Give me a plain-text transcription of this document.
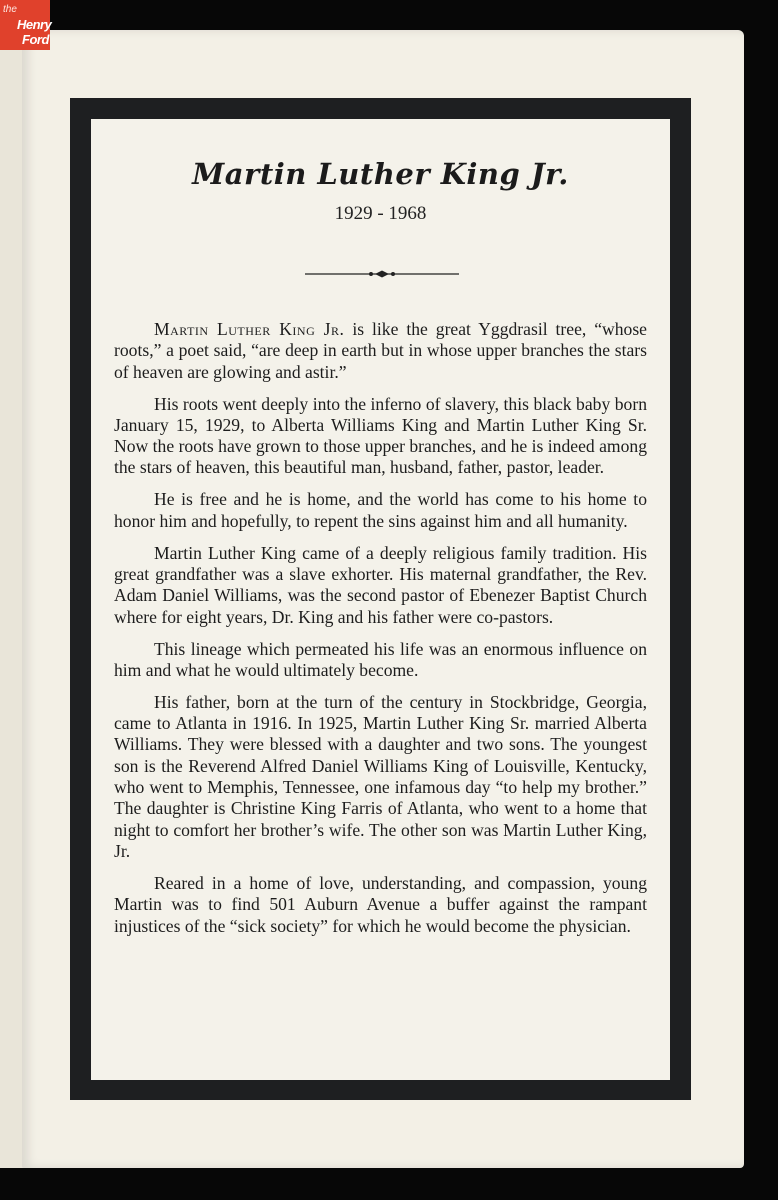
the
Henry
Ford
Martin Luther King Jr.
1929 - 1968

Martin Luther King Jr. is like the great Yggdrasil tree, “whose roots,” a poet said, “are deep in earth but in whose upper branches the stars of heaven are glowing and astir.”

His roots went deeply into the inferno of slavery, this black baby born January 15, 1929, to Alberta Williams King and Martin Luther King Sr. Now the roots have grown to those upper branches, and he is indeed among the stars of heaven, this beautiful man, husband, father, pastor, leader.

He is free and he is home, and the world has come to his home to honor him and hopefully, to repent the sins against him and all humanity.

Martin Luther King came of a deeply religious family tradition. His great grandfather was a slave exhorter. His maternal grandfather, the Rev. Adam Daniel Williams, was the second pastor of Ebenezer Baptist Church where for eight years, Dr. King and his father were co-pastors.

This lineage which permeated his life was an enormous influence on him and what he would ultimately become.

His father, born at the turn of the century in Stockbridge, Georgia, came to Atlanta in 1916. In 1925, Martin Luther King Sr. married Alberta Williams. They were blessed with a daughter and two sons. The youngest son is the Reverend Alfred Daniel Williams King of Louisville, Kentucky, who went to Memphis, Tennessee, one infamous day “to help my brother.” The daughter is Christine King Farris of Atlanta, who went to a home that night to comfort her brother’s wife. The other son was Martin Luther King, Jr.

Reared in a home of love, understanding, and compassion, young Martin was to find 501 Auburn Avenue a buffer against the rampant injustices of the “sick society” for which he would become the physician.
